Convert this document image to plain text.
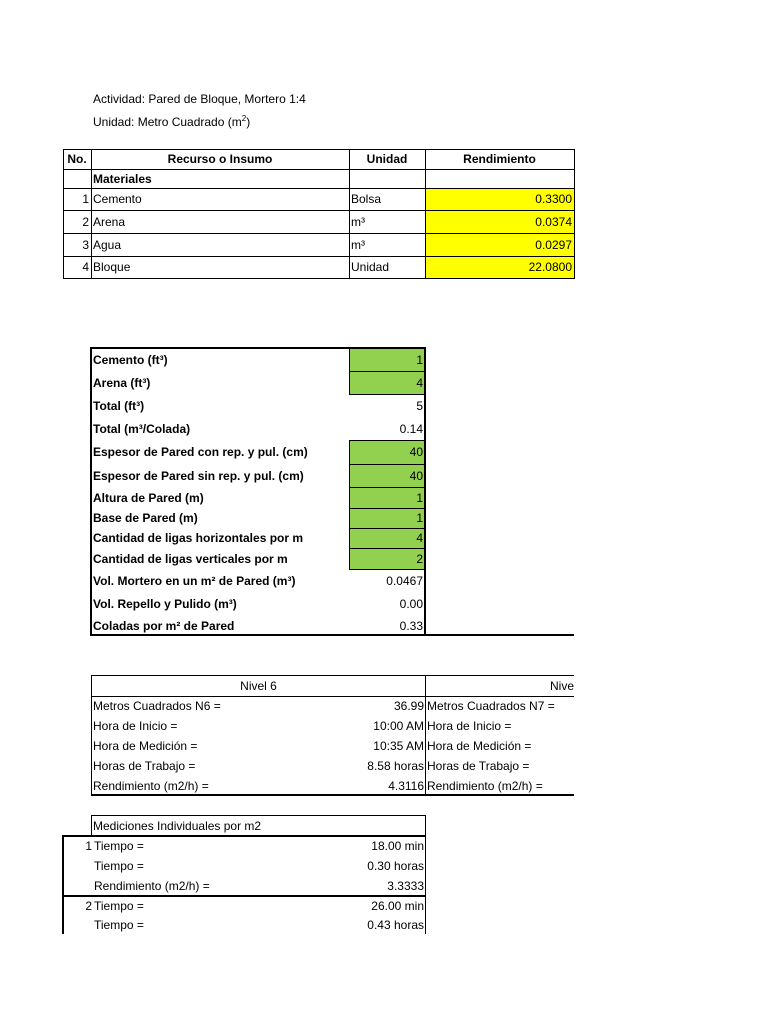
Actividad: Pared de Bloque, Mortero 1:4
Unidad: Metro Cuadrado $(m^2)$
No.	Recurso o Insumo	Unidad	Rendimiento
Materiales
1 Cemento	Bolsa	0.3300
2 Arena	m³	0.0374
3 Agua	m³	0.0297
4 Bloque	Unidad	22.0800
Cemento (ft³)	1
Arena (ft³)	4
Total (ft³)	5
Total (m³/Colada)	0.14
Espesor de Pared con rep. y pul. (cm)	40
Espesor de Pared sin rep. y pul. (cm)	40
Altura de Pared (m)	1
Base de Pared (m)	1
Cantidad de ligas horizontales por m	4
Cantidad de ligas verticales por m	2
Vol. Mortero en un m² de Pared (m³)	0.0467
Vol. Repello y Pulido (m³)	0.00
Coladas por m² de Pared	0.33
Nivel 6	Nive
Metros Cuadrados N6 =	36.99 Metros Cuadrados N7 =
Hora de Inicio =	10:00 AM Hora de Inicio =
Hora de Medición =	10:35 AM Hora de Medición =
Horas de Trabajo =	8.58 horas Horas de Trabajo =
Rendimiento (m2/h) =	4.3116 Rendimiento (m2/h) =
Mediciones Individuales por m2
1 Tiempo =	18.00 min
Tiempo =	0.30 horas
Rendimiento (m2/h) =	3.3333
2 Tiempo =	26.00 min
Tiempo =	0.43 horas
